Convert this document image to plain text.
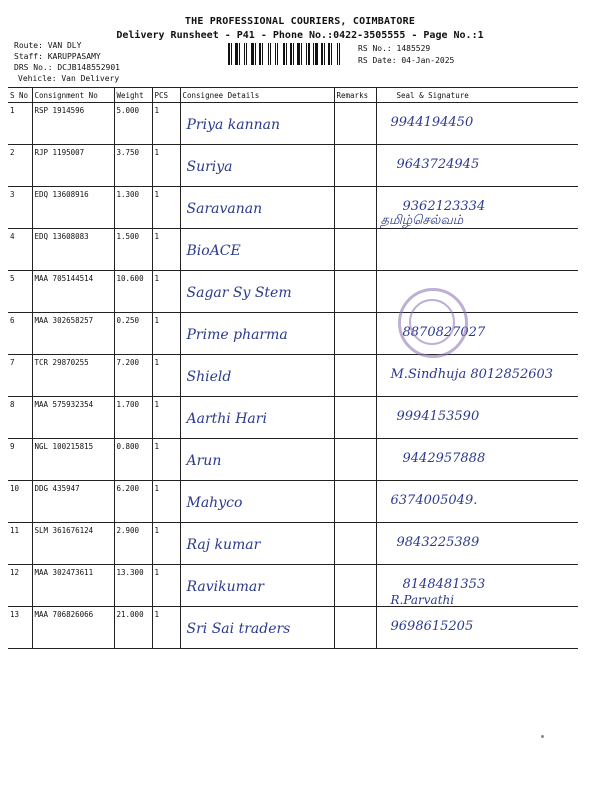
THE PROFESSIONAL COURIERS, COIMBATORE
Delivery Runsheet - P41 - Phone No.:0422-3505555 - Page No.:1
Route: VAN DLY
Staff: KARUPPASAMY
DRS No.: DCJB148552901
Vehicle: Van Delivery
RS No.: 1485529
RS Date: 04-Jan-2025
S No	Consignment No	Weight	PCS	Consignee Details	Remarks	Seal & Signature
1	RSP 1914596	5.000	1	Priya kannan		9944194450

2	RJP 1195007	3.750	1	Suriya		9643724945

3	EDQ 13608916	1.300	1	Saravanan		9362123334
தமிழ்செல்வம்

4	EDQ 13608083	1.500	1	BioACE		

5	MAA 705144514	10.600	1	Sagar Sy Stem		

6	MAA 302658257	0.250	1	Prime pharma		8870827027

7	TCR 29870255	7.200	1	Shield		M.Sindhuja 8012852603

8	MAA 575932354	1.700	1	Aarthi Hari		9994153590

9	NGL 100215815	0.800	1	Arun		9442957888

10	DDG 435947	6.200	1	Mahyco		6374005049.

11	SLM 361676124	2.900	1	Raj kumar		9843225389

12	MAA 302473611	13.300	1	Ravikumar		8148481353
R.Parvathi

13	MAA 706826066	21.000	1	Sri Sai traders		9698615205
